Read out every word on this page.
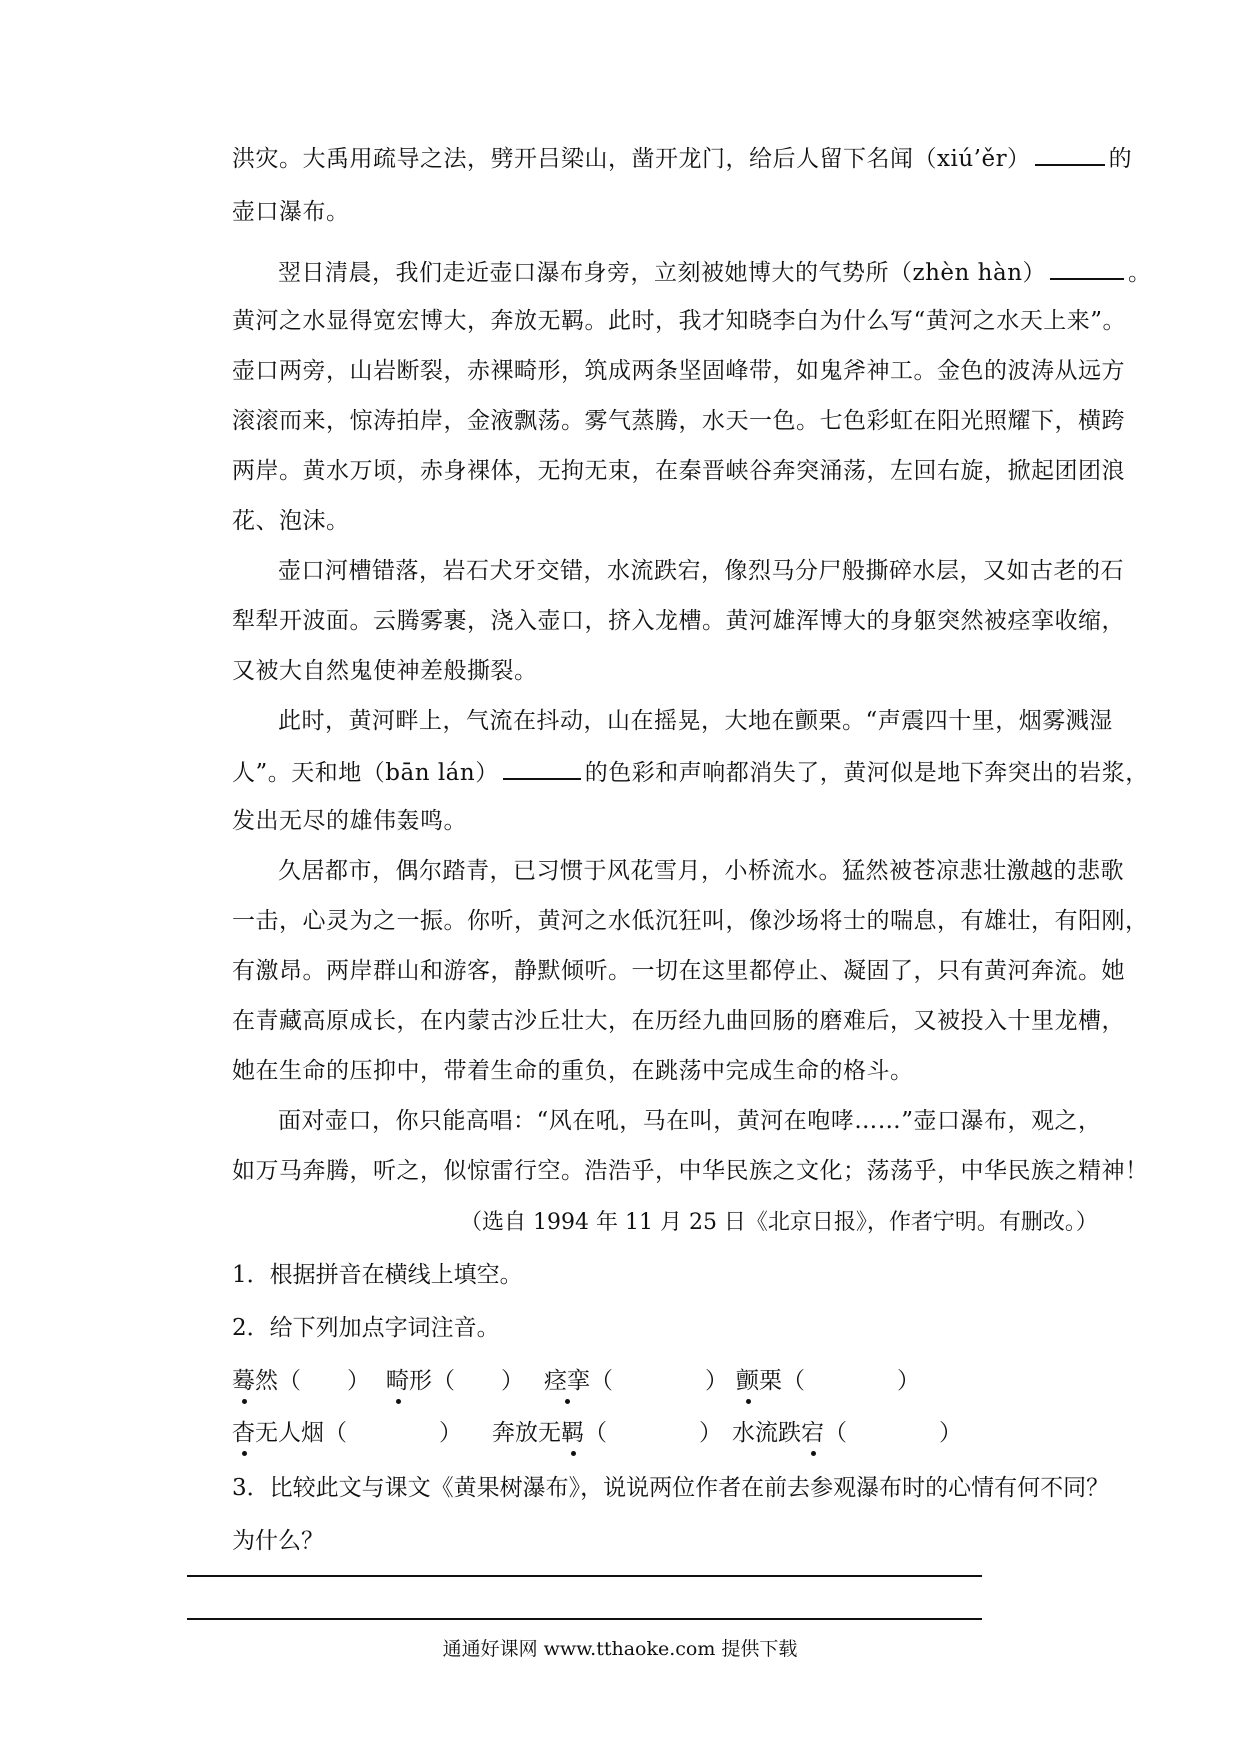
洪灾。大禹用疏导之法，劈开吕梁山，凿开龙门，给后人留下名闻（xiú’ěr）	的
壶口瀑布。
翌日清晨，我们走近壶口瀑布身旁，立刻被她博大的气势所（zhèn hàn）	。
黄河之水显得宽宏博大，奔放无羁。此时，我才知晓李白为什么写“黄河之水天上来”。
壶口两旁，山岩断裂，赤裸畸形，筑成两条坚固峰带，如鬼斧神工。金色的波涛从远方
滚滚而来，惊涛拍岸，金液飘荡。雾气蒸腾，水天一色。七色彩虹在阳光照耀下，横跨
两岸。黄水万顷，赤身裸体，无拘无束，在秦晋峡谷奔突涌荡，左回右旋，掀起团团浪
花、泡沫。
壶口河槽错落，岩石犬牙交错，水流跌宕，像烈马分尸般撕碎水层，又如古老的石
犁犁开波面。云腾雾裹，浇入壶口，挤入龙槽。黄河雄浑博大的身躯突然被痉挛收缩，
又被大自然鬼使神差般撕裂。
此时，黄河畔上，气流在抖动，山在摇晃，大地在颤栗。“声震四十里，烟雾溅湿
人”。天和地（bān lán）	的色彩和声响都消失了，黄河似是地下奔突出的岩浆，
发出无尽的雄伟轰鸣。
久居都市，偶尔踏青，已习惯于风花雪月，小桥流水。猛然被苍凉悲壮激越的悲歌
一击，心灵为之一振。你听，黄河之水低沉狂叫，像沙场将士的喘息，有雄壮，有阳刚，
有激昂。两岸群山和游客，静默倾听。一切在这里都停止、凝固了，只有黄河奔流。她
在青藏高原成长，在内蒙古沙丘壮大，在历经九曲回肠的磨难后，又被投入十里龙槽，
她在生命的压抑中，带着生命的重负，在跳荡中完成生命的格斗。
面对壶口，你只能高唱：“风在吼，马在叫，黄河在咆哮……”壶口瀑布，观之，
如万马奔腾，听之，似惊雷行空。浩浩乎，中华民族之文化；荡荡乎，中华民族之精神！
（选自 1994 年 11 月 25 日《北京日报》，作者宁明。有删改。）
1．根据拼音在横线上填空。
2．给下列加点字词注音。
蓦然（　　） 畸形（　　） 痉挛（　　　　） 颤栗（　　　　）
杳无人烟（　　　　） 奔放无羁（　　　　） 水流跌宕（　　　　）
3．比较此文与课文《黄果树瀑布》，说说两位作者在前去参观瀑布时的心情有何不同？
为什么？
通通好课网 www.tthaoke.com 提供下载
